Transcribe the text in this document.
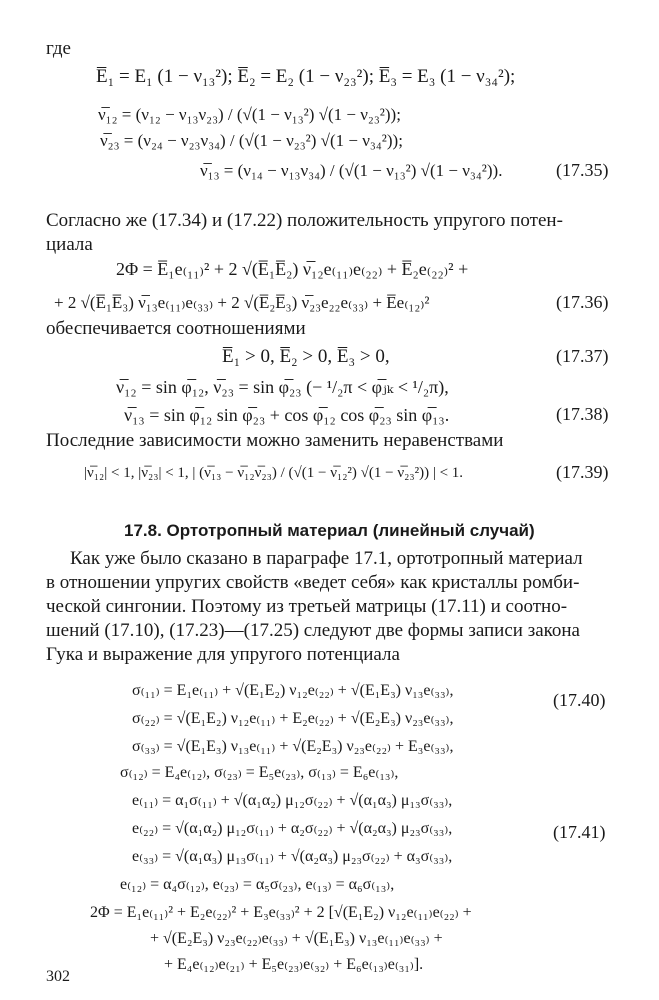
где
E̅₁ = E₁ (1 − ν₁₃²); E̅₂ = E₂ (1 − ν₂₃²); E̅₃ = E₃ (1 − ν₃₄²);
ν̅₁₂ = (ν₁₂ − ν₁₃ν₂₃) / (√(1 − ν₁₃²) √(1 − ν₂₃²));
ν̅₂₃ = (ν₂₄ − ν₂₃ν₃₄) / (√(1 − ν₂₃²) √(1 − ν₃₄²));
ν̅₁₃ = (ν₁₄ − ν₁₃ν₃₄) / (√(1 − ν₁₃²) √(1 − ν₃₄²)).	(17.35)
Согласно же (17.34) и (17.22) положительность упругого потен-
циала
2Φ = E̅₁e₍₁₁₎² + 2 √(E̅₁E̅₂) ν̅₁₂e₍₁₁₎e₍₂₂₎ + E̅₂e₍₂₂₎² +
+ 2 √(E̅₁E̅₃) ν̅₁₃e₍₁₁₎e₍₃₃₎ + 2 √(E̅₂E̅₃) ν̅₂₃e₂₂e₍₃₃₎ + E̅e₍₁₂₎²	(17.36)
обеспечивается соотношениями
E̅₁ > 0, E̅₂ > 0, E̅₃ > 0,	(17.37)
ν̅₁₂ = sin φ̅₁₂, ν̅₂₃ = sin φ̅₂₃ (− ¹/₂π < φ̅ⱼₖ < ¹/₂π),
ν̅₁₃ = sin φ̅₁₂ sin φ̅₂₃ + cos φ̅₁₂ cos φ̅₂₃ sin φ̅₁₃.	(17.38)
Последние зависимости можно заменить неравенствами
|ν̅₁₂| < 1, |ν̅₂₃| < 1, | (ν̅₁₃ − ν̅₁₂ν̅₂₃) / (√(1 − ν̅₁₂²) √(1 − ν̅₂₃²)) | < 1.	(17.39)
17.8. Ортотропный материал (линейный случай)
Как уже было сказано в параграфе 17.1, ортотропный материал
в отношении упругих свойств «ведет себя» как кристаллы ромби-
ческой сингонии. Поэтому из третьей матрицы (17.11) и соотно-
шений (17.10), (17.23)—(17.25) следуют две формы записи закона
Гука и выражение для упругого потенциала
σ₍₁₁₎ = E₁e₍₁₁₎ + √(E₁E₂) ν₁₂e₍₂₂₎ + √(E₁E₃) ν₁₃e₍₃₃₎,
σ₍₂₂₎ = √(E₁E₂) ν₁₂e₍₁₁₎ + E₂e₍₂₂₎ + √(E₂E₃) ν₂₃e₍₃₃₎,
σ₍₃₃₎ = √(E₁E₃) ν₁₃e₍₁₁₎ + √(E₂E₃) ν₂₃e₍₂₂₎ + E₃e₍₃₃₎,
σ₍₁₂₎ = E₄e₍₁₂₎, σ₍₂₃₎ = E₅e₍₂₃₎, σ₍₁₃₎ = E₆e₍₁₃₎,
(17.40)
e₍₁₁₎ = α₁σ₍₁₁₎ + √(α₁α₂) μ₁₂σ₍₂₂₎ + √(α₁α₃) μ₁₃σ₍₃₃₎,
e₍₂₂₎ = √(α₁α₂) μ₁₂σ₍₁₁₎ + α₂σ₍₂₂₎ + √(α₂α₃) μ₂₃σ₍₃₃₎,
e₍₃₃₎ = √(α₁α₃) μ₁₃σ₍₁₁₎ + √(α₂α₃) μ₂₃σ₍₂₂₎ + α₃σ₍₃₃₎,
e₍₁₂₎ = α₄σ₍₁₂₎, e₍₂₃₎ = α₅σ₍₂₃₎, e₍₁₃₎ = α₆σ₍₁₃₎,
(17.41)
2Φ = E₁e₍₁₁₎² + E₂e₍₂₂₎² + E₃e₍₃₃₎² + 2 [√(E₁E₂) ν₁₂e₍₁₁₎e₍₂₂₎ +
+ √(E₂E₃) ν₂₃e₍₂₂₎e₍₃₃₎ + √(E₁E₃) ν₁₃e₍₁₁₎e₍₃₃₎ +
+ E₄e₍₁₂₎e₍₂₁₎ + E₅e₍₂₃₎e₍₃₂₎ + E₆e₍₁₃₎e₍₃₁₎].
302
